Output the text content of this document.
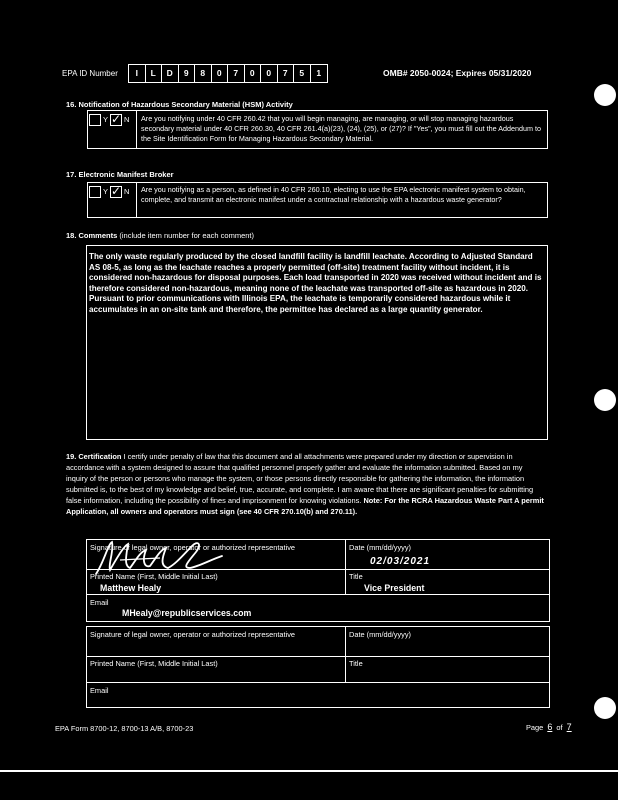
EPA ID Number	I	L	D	9	8	0	7	0	0	7	5	1	OMB# 2050-0024; Expires 05/31/2020
16. Notification of Hazardous Secondary Material (HSM) Activity
Y ✓ N Are you notifying under 40 CFR 260.42 that you will begin managing, are managing, or will stop managing hazardous secondary material under 40 CFR 260.30, 40 CFR 261.4(a)(23), (24), (25), or (27)? If "Yes", you must fill out the Addendum to the Site Identification Form for Managing Hazardous Secondary Material.
17. Electronic Manifest Broker
Y ✓ N Are you notifying as a person, as defined in 40 CFR 260.10, electing to use the EPA electronic manifest system to obtain, complete, and transmit an electronic manifest under a contractual relationship with a hazardous waste generator?
18. Comments (include item number for each comment)
The only waste regularly produced by the closed landfill facility is landfill leachate. According to Adjusted Standard AS 08-5, as long as the leachate reaches a properly permitted (off-site) treatment facility without incident, it is considered non-hazardous for disposal purposes. Each load transported in 2020 was received without incident and is therefore considered non-hazardous, meaning none of the leachate was transported off-site as hazardous in 2020. Pursuant to prior communications with Illinois EPA, the leachate is temporarily considered hazardous while it accumulates in an on-site tank and therefore, the permittee has declared as a large quantity generator.
19. Certification I certify under penalty of law that this document and all attachments were prepared under my direction or supervision in accordance with a system designed to assure that qualified personnel properly gather and evaluate the information submitted. Based on my inquiry of the person or persons who manage the system, or those persons directly responsible for gathering the information, the information submitted is, to the best of my knowledge and belief, true, accurate, and complete. I am aware that there are significant penalties for submitting false information, including the possibility of fines and imprisonment for knowing violations. Note: For the RCRA Hazardous Waste Part A permit Application, all owners and operators must sign (see 40 CFR 270.10(b) and 270.11).
Signature of legal owner, operator or authorized representative	Date (mm/dd/yyyy)
02/03/2021
Printed Name (First, Middle Initial Last)
Matthew Healy
Title
Vice President
Email
MHealy@republicservices.com
Signature of legal owner, operator or authorized representative	Date (mm/dd/yyyy)
Printed Name (First, Middle Initial Last)	Title
Email
EPA Form 8700-12, 8700-13 A/B, 8700-23	Page 6 of 7
